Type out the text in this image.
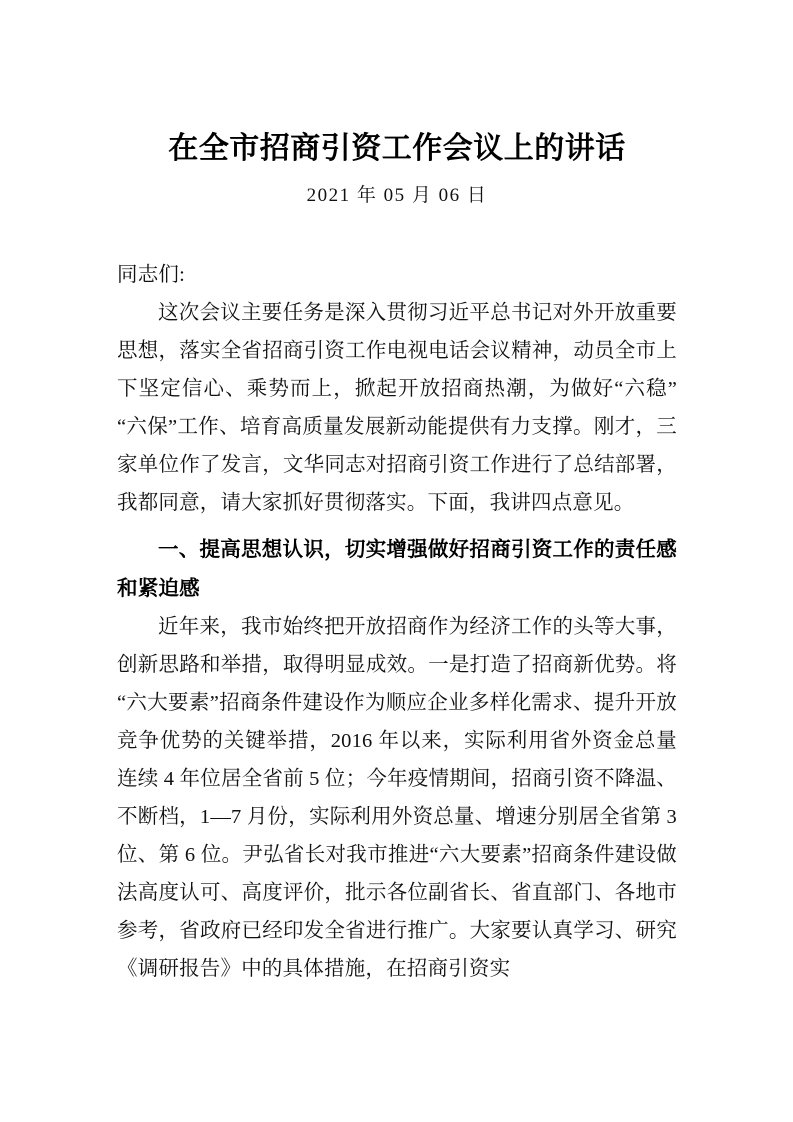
在全市招商引资工作会议上的讲话

2021 年 05 月 06 日

同志们:

这次会议主要任务是深入贯彻习近平总书记对外开放重要思想，落实全省招商引资工作电视电话会议精神，动员全市上下坚定信心、乘势而上，掀起开放招商热潮，为做好“六稳”“六保”工作、培育高质量发展新动能提供有力支撑。刚才，三家单位作了发言，文华同志对招商引资工作进行了总结部署，我都同意，请大家抓好贯彻落实。下面，我讲四点意见。

一、提高思想认识，切实增强做好招商引资工作的责任感和紧迫感

近年来，我市始终把开放招商作为经济工作的头等大事，创新思路和举措，取得明显成效。一是打造了招商新优势。将“六大要素”招商条件建设作为顺应企业多样化需求、提升开放竞争优势的关键举措，2016 年以来，实际利用省外资金总量连续 4 年位居全省前 5 位；今年疫情期间，招商引资不降温、不断档，1—7 月份，实际利用外资总量、增速分别居全省第 3 位、第 6 位。尹弘省长对我市推进“六大要素”招商条件建设做法高度认可、高度评价，批示各位副省长、省直部门、各地市参考，省政府已经印发全省进行推广。大家要认真学习、研究《调研报告》中的具体措施，在招商引资实
